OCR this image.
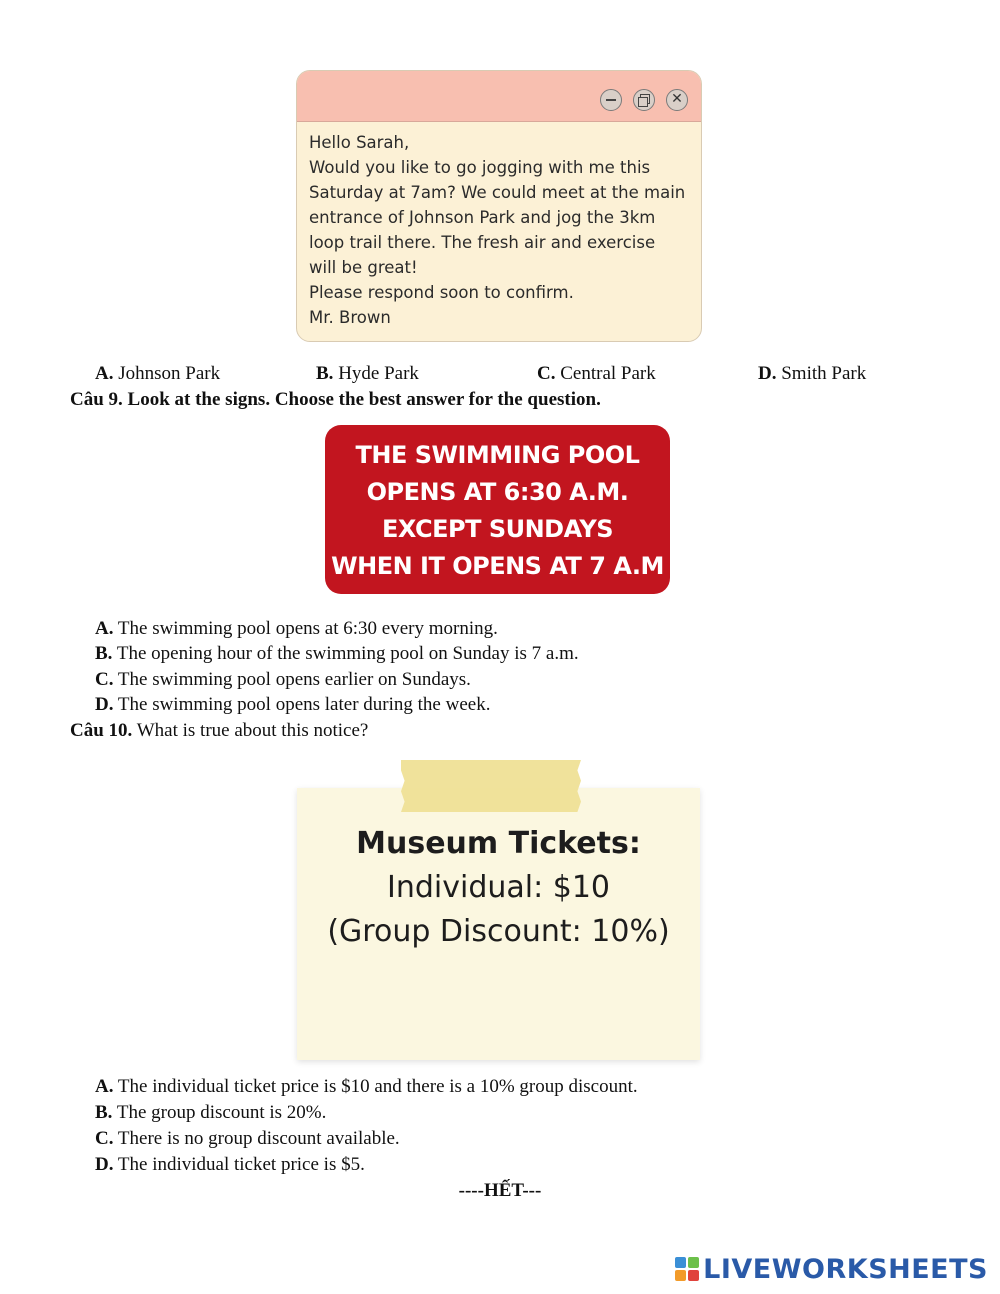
✕
Hello Sarah,
Would you like to go jogging with me this
Saturday at 7am? We could meet at the main
entrance of Johnson Park and jog the 3km
loop trail there. The fresh air and exercise
will be great!
Please respond soon to confirm.
Mr. Brown
A. Johnson Park	B. Hyde Park	C. Central Park	D. Smith Park
Câu 9. Look at the signs. Choose the best answer for the question.
THE SWIMMING POOL
OPENS AT 6:30 A.M.
EXCEPT SUNDAYS
WHEN IT OPENS AT 7 A.M
A. The swimming pool opens at 6:30 every morning.
B. The opening hour of the swimming pool on Sunday is 7 a.m.
C. The swimming pool opens earlier on Sundays.
D. The swimming pool opens later during the week.
Câu 10. What is true about this notice?
Museum Tickets:
Individual: $10
(Group Discount: 10%)
A. The individual ticket price is $10 and there is a 10% group discount.
B. The group discount is 20%.
C. There is no group discount available.
D. The individual ticket price is $5.
----HẾT---
LIVEWORKSHEETS
